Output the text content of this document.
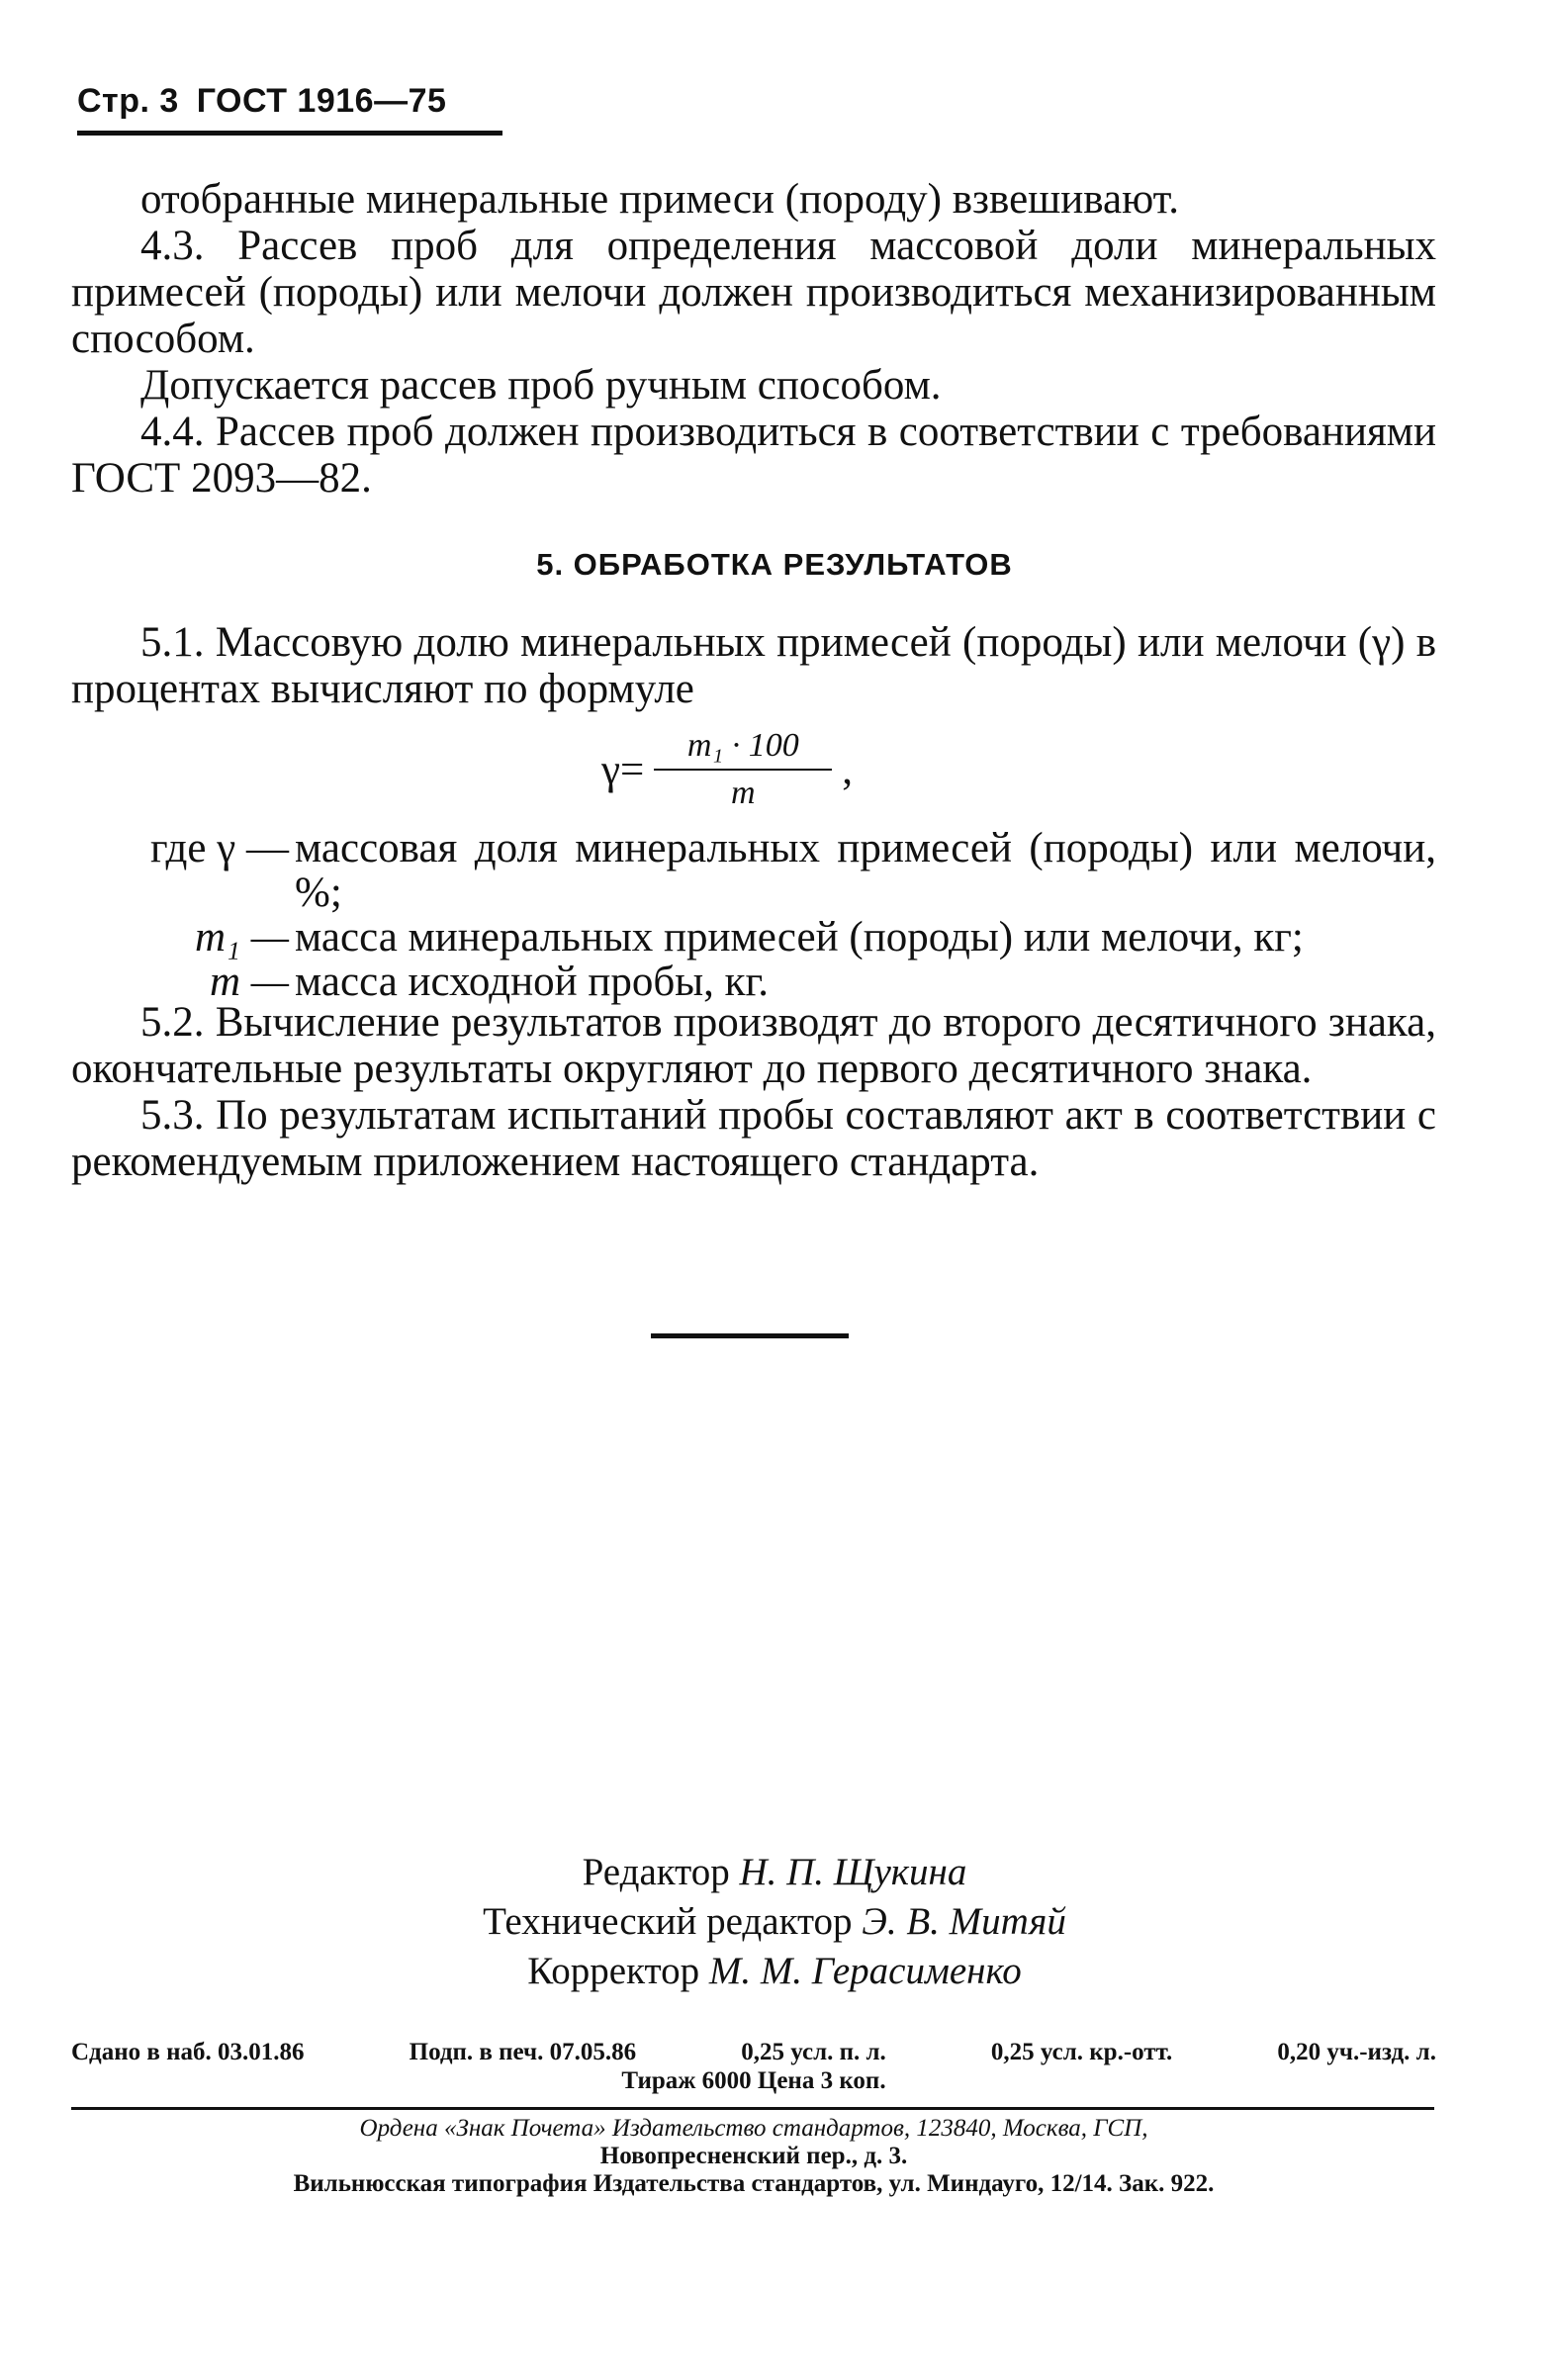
Стр. 3 ГОСТ 1916—75

отобранные минеральные примеси (породу) взвешивают.

4.3. Рассев проб для определения массовой доли минеральных примесей (породы) или мелочи должен производиться механизированным способом.

Допускается рассев проб ручным способом.

4.4. Рассев проб должен производиться в соответствии с требованиями ГОСТ 2093—82.

5. ОБРАБОТКА РЕЗУЛЬТАТОВ

5.1. Массовую долю минеральных примесей (породы) или мелочи (γ) в процентах вычисляют по формуле

$\gamma= \frac{\text{m₁ · 100}}{m}$ ,
где γ — массовая доля минеральных примесей (породы) или мелочи, %;
m₁ — масса минеральных примесей (породы) или мелочи, кг;
m — масса исходной пробы, кг.

5.2. Вычисление результатов производят до второго десятичного знака, окончательные результаты округляют до первого десятичного знака.

5.3. По результатам испытаний пробы составляют акт в соответствии с рекомендуемым приложением настоящего стандарта.

Редактор Н. П. Щукина
Технический редактор Э. В. Митяй
Корректор М. М. Герасименко
Сдано в наб. 03.01.86	Подп. в печ. 07.05.86	0,25 усл. п. л.	0,25 усл. кр.-отт.	0,20 уч.-изд. л.
Тираж 6000 Цена 3 коп.
Ордена «Знак Почета» Издательство стандартов, 123840, Москва, ГСП,
Новопресненский пер., д. 3.
Вильнюсская типография Издательства стандартов, ул. Миндауго, 12/14. Зак. 922.
